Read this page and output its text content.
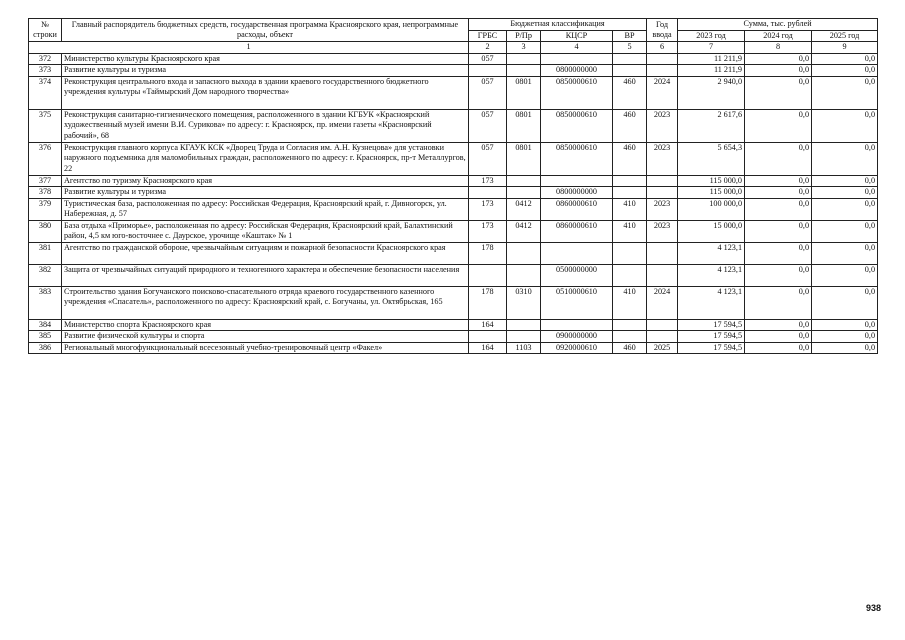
№
строки	Главный распорядитель бюджетных средств, государственная программа Красноярского края, непрограммные расходы, объект	Бюджетная классификация				Год
ввода	Сумма, тыс. рублей		
		ГРБС	Р/Пр	КЦСР	ВР		2023 год	2024 год	2025 год
1		2	3	4	5	6	7	8	9
372	Министерство культуры Красноярского края	057					11 211,9	0,0	0,0
373	Развитие культуры и туризма			0800000000			11 211,9	0,0	0,0
374	Реконструкция центрального входа и запасного выхода в здании краевого государственного бюджетного учреждения культуры «Таймырский Дом народного творчества»	057	0801	0850000610	460	2024	2 940,0	0,0	0,0
375	Реконструкция санитарно-гигиенического помещения, расположенного в здании КГБУК «Красноярский художественный музей имени В.И. Сурикова» по адресу: г. Красноярск, пр. имени газеты «Красноярский рабочий», 68	057	0801	0850000610	460	2023	2 617,6	0,0	0,0
376	Реконструкция главного корпуса КГАУК КСК «Дворец Труда и Согласия им. А.Н. Кузнецова» для установки наружного подъемника для маломобильных граждан, расположенного по адресу: г. Красноярск, пр-т Металлургов, 22	057	0801	0850000610	460	2023	5 654,3	0,0	0,0
377	Агентство по туризму Красноярского края	173					115 000,0	0,0	0,0
378	Развитие культуры и туризма			0800000000			115 000,0	0,0	0,0
379	Туристическая база, расположенная по адресу: Российская Федерация, Красноярский край, г. Дивногорск, ул. Набережная, д. 57	173	0412	0860000610	410	2023	100 000,0	0,0	0,0
380	База отдыха «Приморье», расположенная по адресу: Российская Федерация, Красноярский край, Балахтинский район, 4,5 км юго-восточнее с. Даурское, урочище «Каштак» № 1	173	0412	0860000610	410	2023	15 000,0	0,0	0,0
381	Агентство по гражданской обороне, чрезвычайным ситуациям и пожарной безопасности Красноярского края	178					4 123,1	0,0	0,0
382	Защита от чрезвычайных ситуаций природного и техногенного характера и обеспечение безопасности населения			0500000000			4 123,1	0,0	0,0
383	Строительство здания Богучанского поисково-спасательного отряда краевого государственного казенного учреждения «Спасатель», расположенного по адресу: Красноярский край, с. Богучаны, ул. Октябрьская, 165	178	0310	0510000610	410	2024	4 123,1	0,0	0,0
384	Министерство спорта Красноярского края	164					17 594,5	0,0	0,0
385	Развитие физической культуры и спорта			0900000000			17 594,5	0,0	0,0
386	Региональный многофункциональный всесезонный учебно-тренировочный центр «Факел»	164	1103	0920000610	460	2025	17 594,5	0,0	0,0
938
